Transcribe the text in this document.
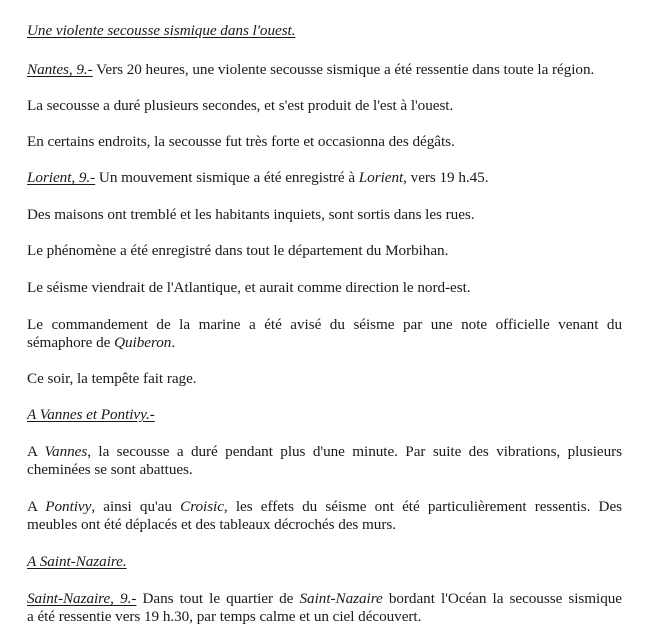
Une violente secousse sismique dans l'ouest.
Nantes, 9.- Vers 20 heures, une violente secousse sismique a été ressentie dans toute la région.
La secousse a duré plusieurs secondes, et s'est produit de l'est à l'ouest.
En certains endroits, la secousse fut très forte et occasionna des dégâts.
Lorient, 9.- Un mouvement sismique a été enregistré à Lorient, vers 19 h.45.
Des maisons ont tremblé et les habitants inquiets, sont sortis dans les rues.
Le phénomène a été enregistré dans tout le département du Morbihan.
Le séisme viendrait de l'Atlantique, et aurait comme direction le nord-est.
Le commandement de la marine a été avisé du séisme par une note officielle venant du
sémaphore de Quiberon.
Ce soir, la tempête fait rage.
A Vannes et Pontivy.-
A Vannes, la secousse a duré pendant plus d'une minute. Par suite des vibrations, plusieurs
cheminées se sont abattues.
A Pontivy, ainsi qu'au Croisic, les effets du séisme ont été particulièrement ressentis. Des
meubles ont été déplacés et des tableaux décrochés des murs.
A Saint-Nazaire.
Saint-Nazaire, 9.- Dans tout le quartier de Saint-Nazaire bordant l'Océan la secousse sismique
a été ressentie vers 19 h.30, par temps calme et un ciel découvert.
